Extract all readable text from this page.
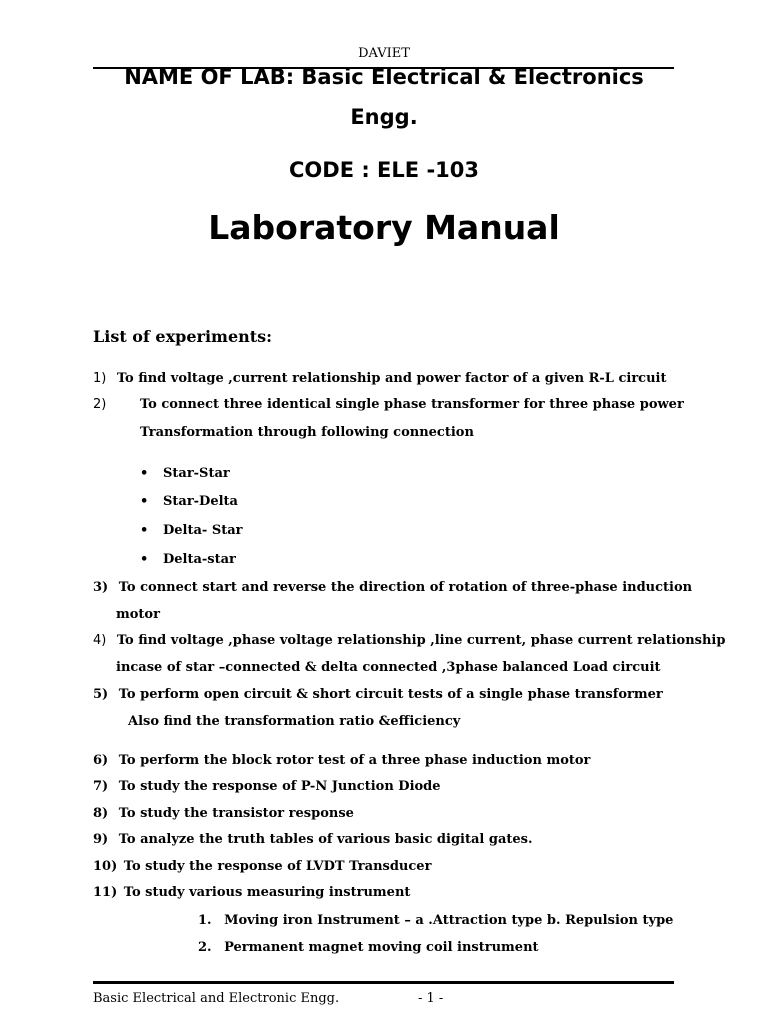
DAVIET
NAME OF LAB: Basic Electrical & Electronics
Engg.
CODE : ELE -103
Laboratory Manual
List of experiments:
1) To find voltage ,current relationship and power factor of a given R-L circuit
2)	To connect three identical single phase transformer for three phase power
Transformation through following connection
• Star-Star
• Star-Delta
• Delta- Star
• Delta-star
3) To connect start and reverse the direction of rotation of three-phase induction
motor
4) To find voltage ,phase voltage relationship ,line current, phase current relationship
incase of star –connected & delta connected ,3phase balanced Load circuit
5) To perform open circuit & short circuit tests of a single phase transformer
Also find the transformation ratio &efficiency
6) To perform the block rotor test of a three phase induction motor
7) To study the response of P-N Junction Diode
8) To study the transistor response
9) To analyze the truth tables of various basic digital gates.
10) To study the response of LVDT Transducer
11) To study various measuring instrument
1. Moving iron Instrument – a .Attraction type b. Repulsion type
2. Permanent magnet moving coil instrument
Basic Electrical and Electronic Engg.	- 1 -
